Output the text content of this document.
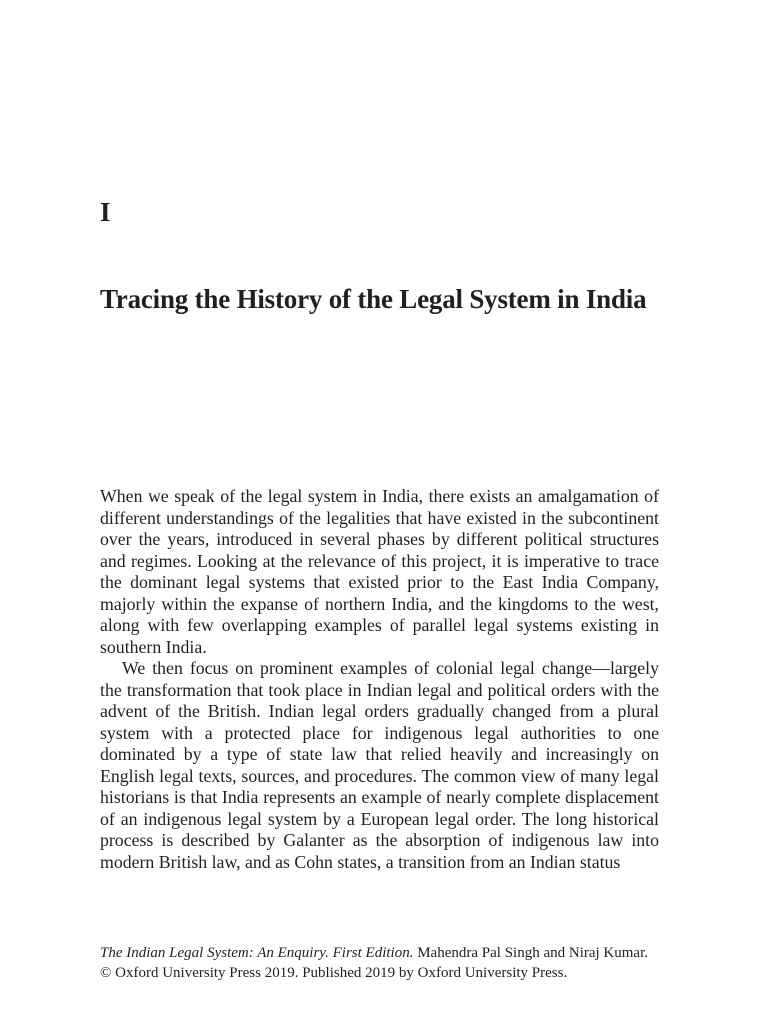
I
Tracing the History of the Legal System in India

When we speak of the legal system in India, there exists an amalgamation of different understandings of the legalities that have existed in the subcontinent over the years, introduced in several phases by different political structures and regimes. Looking at the relevance of this project, it is imperative to trace the dominant legal systems that existed prior to the East India Company, majorly within the expanse of northern India, and the kingdoms to the west, along with few overlapping examples of parallel legal systems existing in southern India.

We then focus on prominent examples of colonial legal change—largely the transformation that took place in Indian legal and political orders with the advent of the British. Indian legal orders gradually changed from a plural system with a protected place for indigenous legal authorities to one dominated by a type of state law that relied heavily and increasingly on English legal texts, sources, and procedures. The common view of many legal historians is that India represents an example of nearly complete displacement of an indigenous legal system by a European legal order. The long historical process is described by Galanter as the absorption of indigenous law into modern British law, and as Cohn states, a transition from an Indian status

The Indian Legal System: An Enquiry. First Edition. Mahendra Pal Singh and Niraj Kumar.

© Oxford University Press 2019. Published 2019 by Oxford University Press.
